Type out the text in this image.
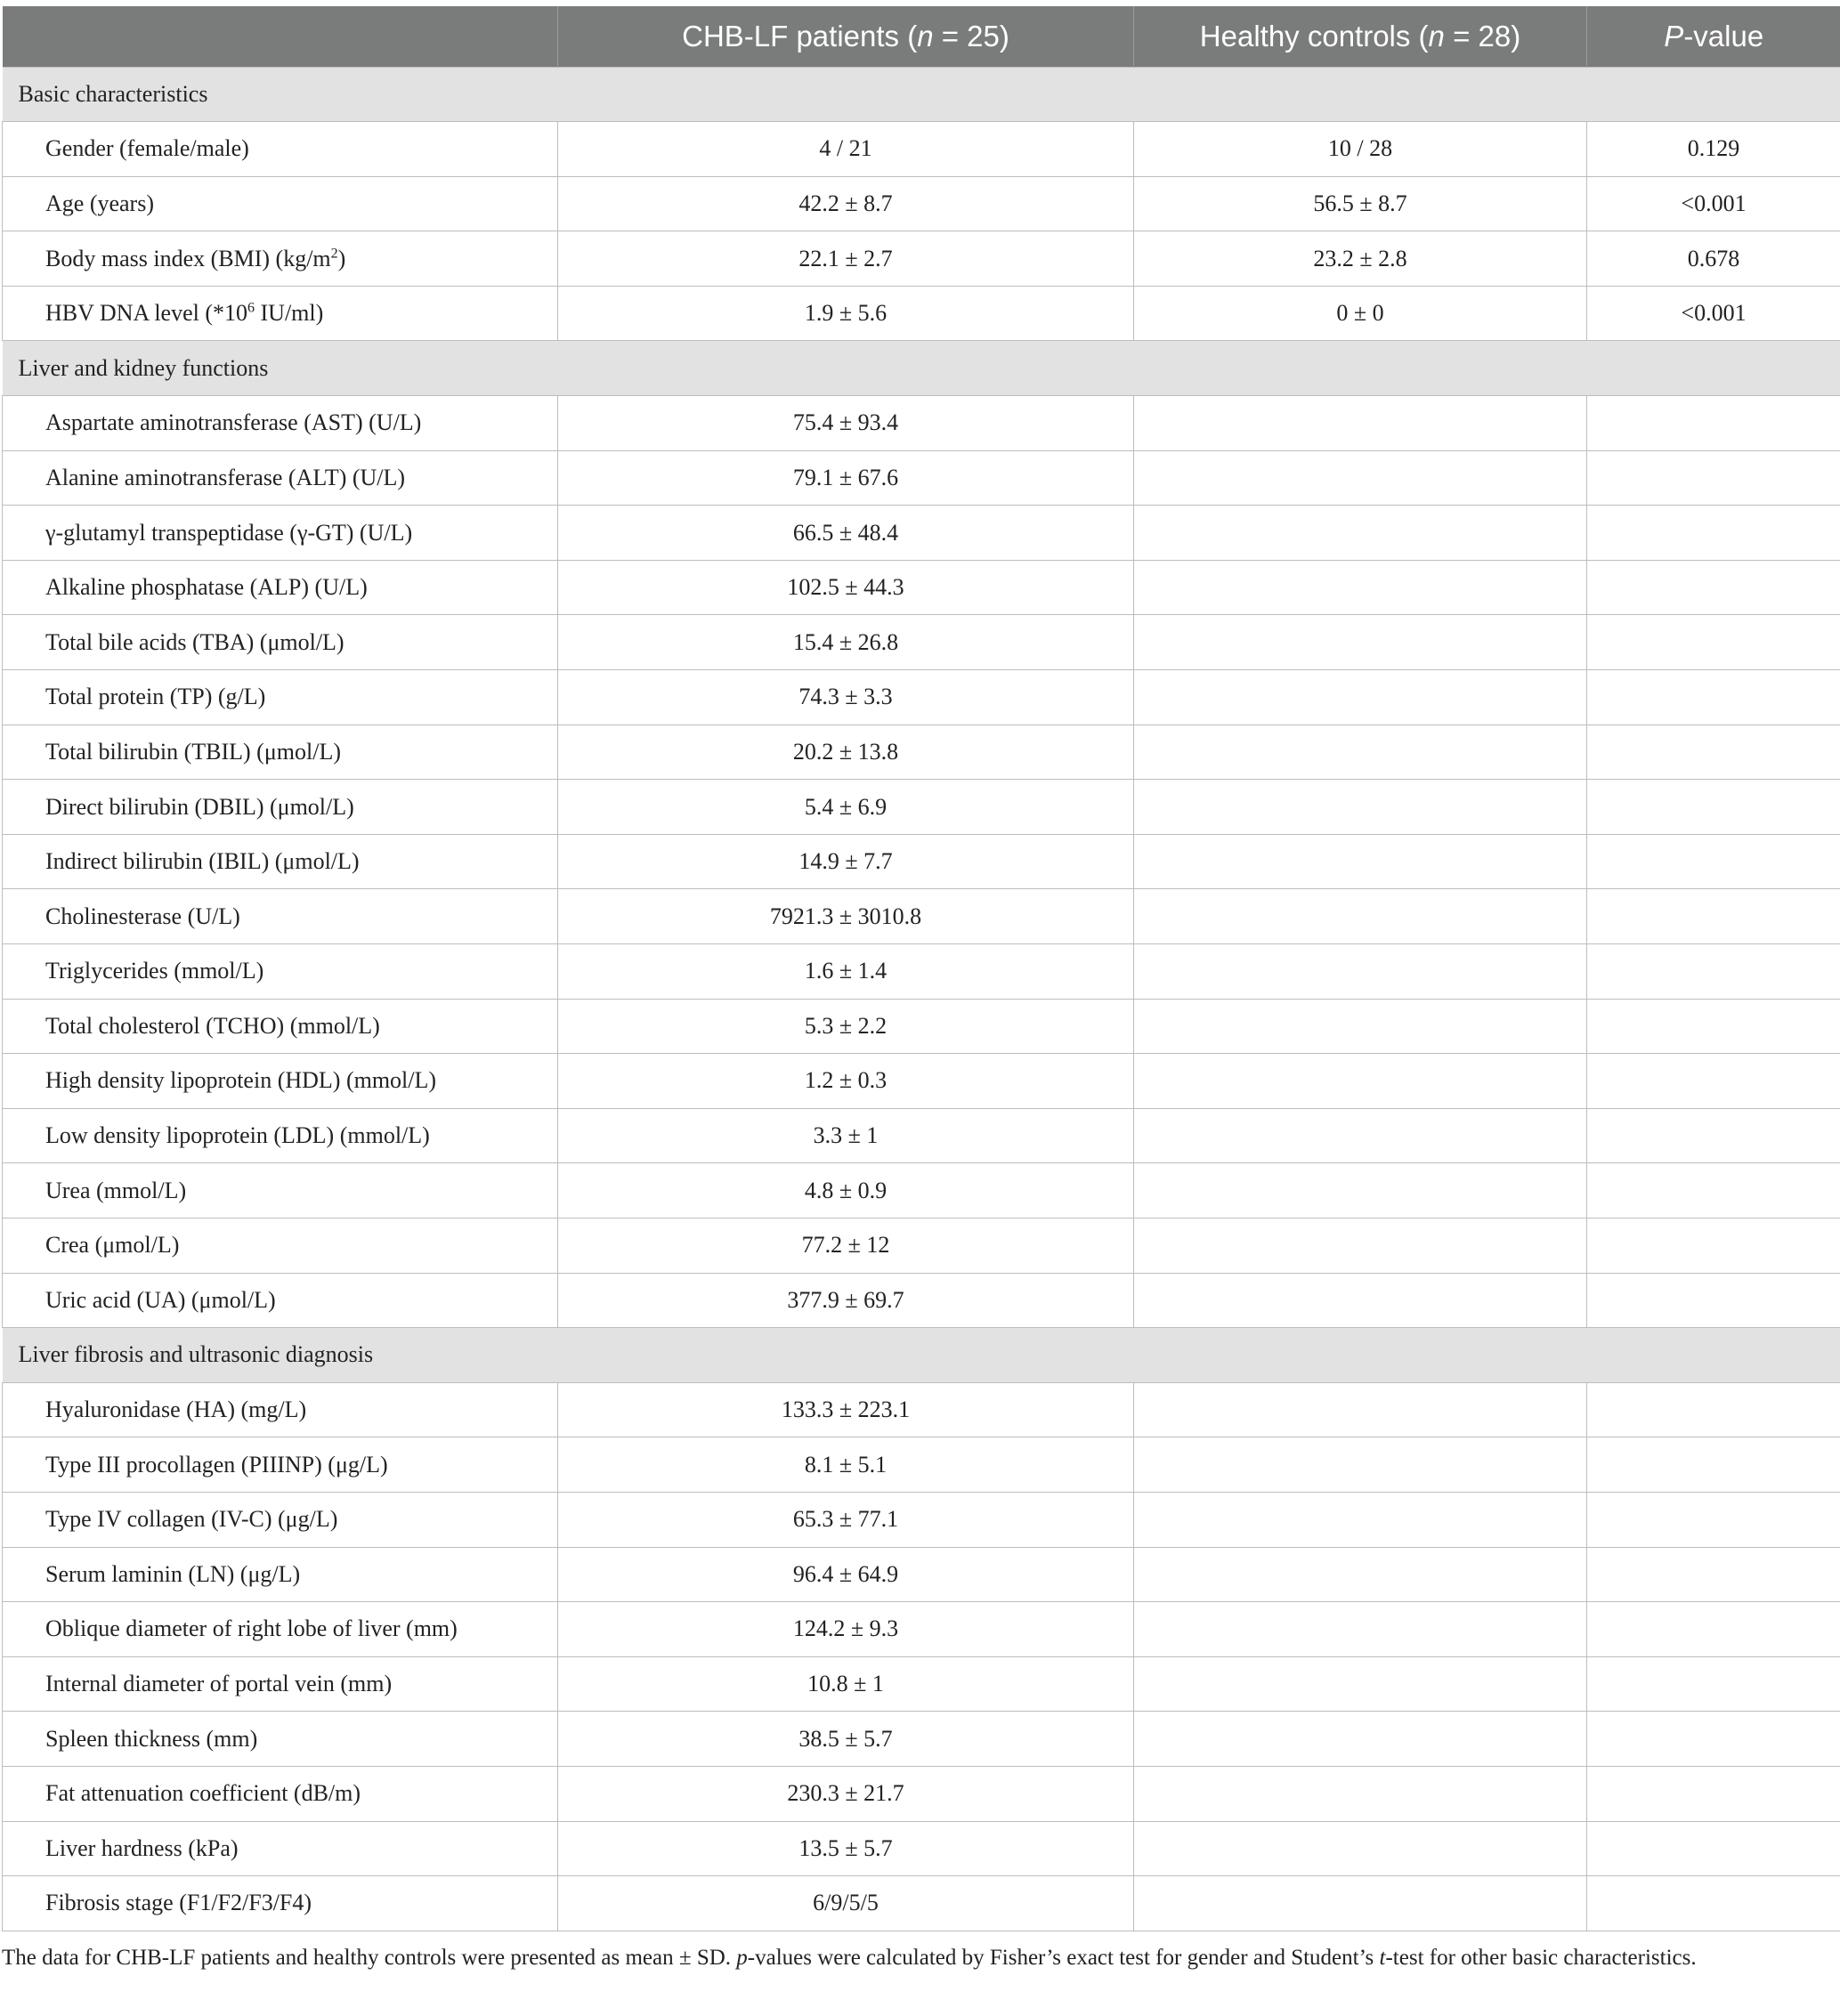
	CHB-LF patients (n = 25)	Healthy controls (n = 28)	P-value
Basic characteristics			
Gender (female/male)	4 / 21	10 / 28	0.129
Age (years)	42.2 ± 8.7	56.5 ± 8.7	<0.001
Body mass index (BMI) $(kg/m^2)$	22.1 ± 2.7	23.2 ± 2.8	0.678
HBV DNA level ($*10^6$ IU/ml)	1.9 ± 5.6	0 ± 0	<0.001
Liver and kidney functions			
Aspartate aminotransferase (AST) (U/L)	75.4 ± 93.4		
Alanine aminotransferase (ALT) (U/L)	79.1 ± 67.6		
γ-glutamyl transpeptidase (γ-GT) (U/L)	66.5 ± 48.4		
Alkaline phosphatase (ALP) (U/L)	102.5 ± 44.3		
Total bile acids (TBA) (μmol/L)	15.4 ± 26.8		
Total protein (TP) (g/L)	74.3 ± 3.3		
Total bilirubin (TBIL) (μmol/L)	20.2 ± 13.8		
Direct bilirubin (DBIL) (μmol/L)	5.4 ± 6.9		
Indirect bilirubin (IBIL) (μmol/L)	14.9 ± 7.7		
Cholinesterase (U/L)	7921.3 ± 3010.8		
Triglycerides (mmol/L)	1.6 ± 1.4		
Total cholesterol (TCHO) (mmol/L)	5.3 ± 2.2		
High density lipoprotein (HDL) (mmol/L)	1.2 ± 0.3		
Low density lipoprotein (LDL) (mmol/L)	3.3 ± 1		
Urea (mmol/L)	4.8 ± 0.9		
Crea (μmol/L)	77.2 ± 12		
Uric acid (UA) (μmol/L)	377.9 ± 69.7		
Liver fibrosis and ultrasonic diagnosis			
Hyaluronidase (HA) (mg/L)	133.3 ± 223.1		
Type III procollagen (PIIINP) (μg/L)	8.1 ± 5.1		
Type IV collagen (IV-C) (μg/L)	65.3 ± 77.1		
Serum laminin (LN) (μg/L)	96.4 ± 64.9		
Oblique diameter of right lobe of liver (mm)	124.2 ± 9.3		
Internal diameter of portal vein (mm)	10.8 ± 1		
Spleen thickness (mm)	38.5 ± 5.7		
Fat attenuation coefficient (dB/m)	230.3 ± 21.7		
Liver hardness (kPa)	13.5 ± 5.7		
Fibrosis stage (F1/F2/F3/F4)	6/9/5/5		

The data for CHB-LF patients and healthy controls were presented as mean ± SD. p-values were calculated by Fisher’s exact test for gender and Student’s t-test for other basic characteristics.
